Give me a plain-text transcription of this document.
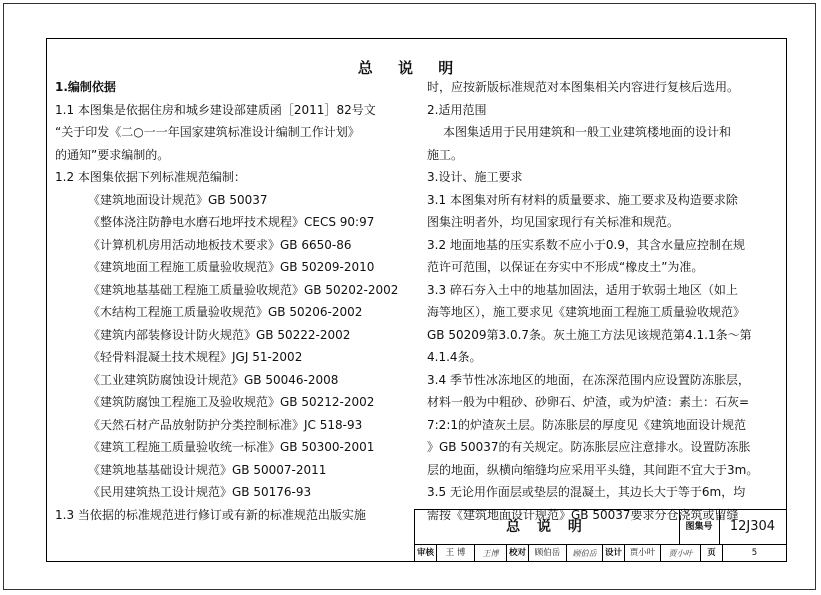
总 说 明
1.编制依据
1.1 本图集是依据住房和城乡建设部建质函［2011］82号文
“关于印发《二○一一年国家建筑标准设计编制工作计划》
的通知”要求编制的。
1.2 本图集依据下列标准规范编制：
《建筑地面设计规范》GB 50037
《整体浇注防静电水磨石地坪技术规程》CECS 90:97
《计算机机房用活动地板技术要求》GB 6650-86
《建筑地面工程施工质量验收规范》GB 50209-2010
《建筑地基基础工程施工质量验收规范》GB 50202-2002
《木结构工程施工质量验收规范》GB 50206-2002
《建筑内部装修设计防火规范》GB 50222-2002
《轻骨料混凝土技术规程》JGJ 51-2002
《工业建筑防腐蚀设计规范》GB 50046-2008
《建筑防腐蚀工程施工及验收规范》GB 50212-2002
《天然石材产品放射防护分类控制标准》JC 518-93
《建筑工程施工质量验收统一标准》GB 50300-2001
《建筑地基基础设计规范》GB 50007-2011
《民用建筑热工设计规范》GB 50176-93
1.3 当依据的标准规范进行修订或有新的标准规范出版实施
时，应按新版标准规范对本图集相关内容进行复核后选用。
2.适用范围
本图集适用于民用建筑和一般工业建筑楼地面的设计和
施工。
3.设计、施工要求
3.1 本图集对所有材料的质量要求、施工要求及构造要求除
图集注明者外，均见国家现行有关标准和规范。
3.2 地面地基的压实系数不应小于0.9，其含水量应控制在规
范许可范围，以保证在夯实中不形成“橡皮土”为准。
3.3 碎石夯入土中的地基加固法，适用于软弱土地区（如上
海等地区），施工要求见《建筑地面工程施工质量验收规范》
GB 50209第3.0.7条。灰土施工方法见该规范第4.1.1条～第
4.1.4条。
3.4 季节性冰冻地区的地面，在冻深范围内应设置防冻胀层，
材料一般为中粗砂、砂卵石、炉渣，或为炉渣：素土：石灰=
7:2:1的炉渣灰土层。防冻胀层的厚度见《建筑地面设计规范
》GB 50037的有关规定。防冻胀层应注意排水。设置防冻胀
层的地面，纵横向缩缝均应采用平头缝，其间距不宜大于3m。
3.5 无论用作面层或垫层的混凝土，其边长大于等于6m，均
需按《建筑地面设计规范》GB 50037要求分仓浇筑或留缝
总 说 明	图集号	12J304
审核	王 博	王博	校对	顾伯岳	顾伯岳 设计 贾小叶	贾小叶	页	5
